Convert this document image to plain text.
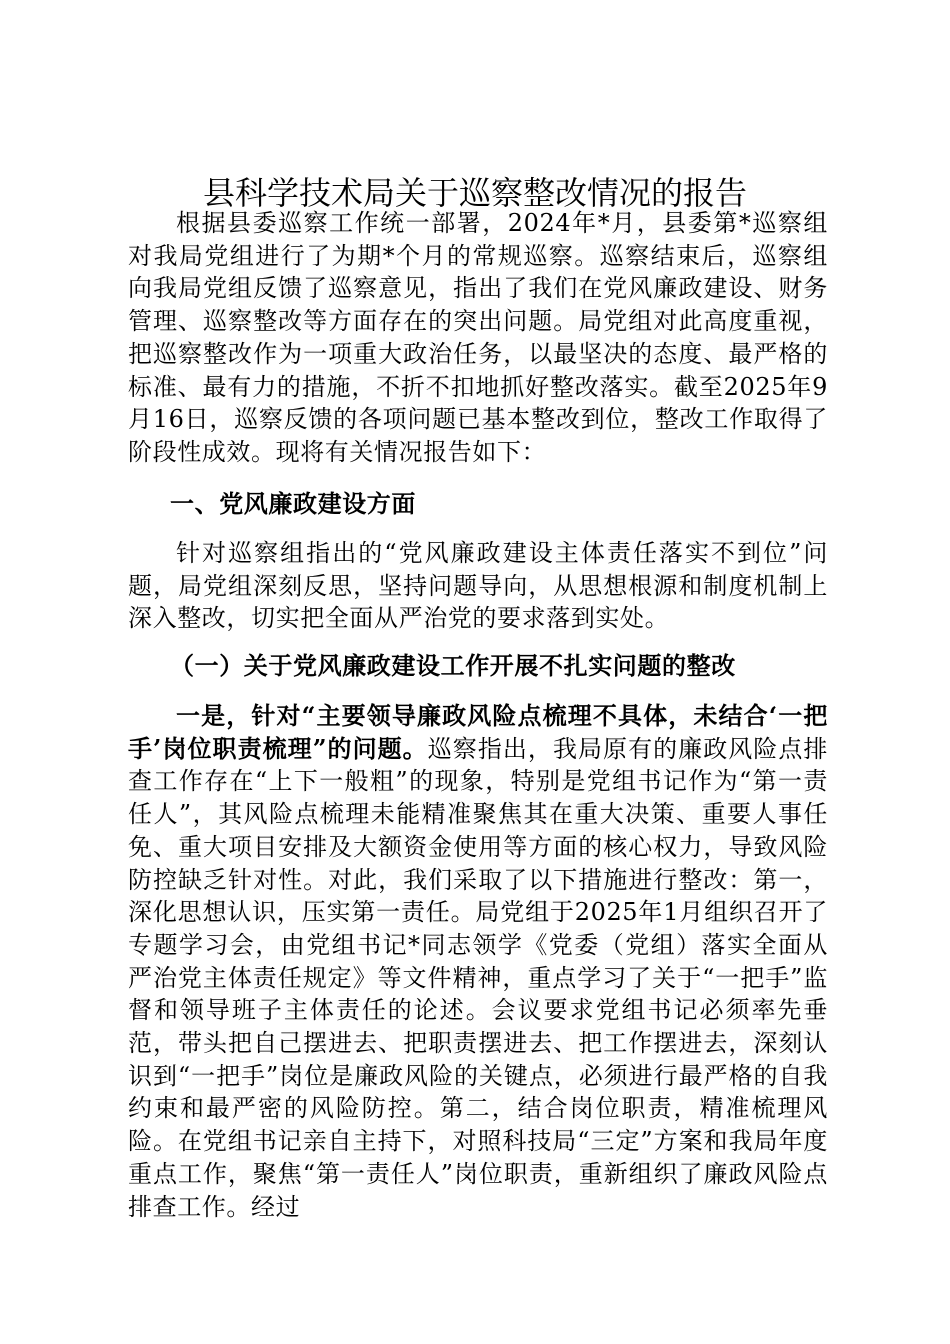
县科学技术局关于巡察整改情况的报告

根据县委巡察工作统一部署，2024年*月，县委第*巡察组对我局党组进行了为期*个月的常规巡察。巡察结束后，巡察组向我局党组反馈了巡察意见，指出了我们在党风廉政建设、财务管理、巡察整改等方面存在的突出问题。局党组对此高度重视，把巡察整改作为一项重大政治任务，以最坚决的态度、最严格的标准、最有力的措施，不折不扣地抓好整改落实。截至2025年9月16日，巡察反馈的各项问题已基本整改到位，整改工作取得了阶段性成效。现将有关情况报告如下：

一、党风廉政建设方面

针对巡察组指出的“党风廉政建设主体责任落实不到位”问题，局党组深刻反思，坚持问题导向，从思想根源和制度机制上深入整改，切实把全面从严治党的要求落到实处。

（一）关于党风廉政建设工作开展不扎实问题的整改

一是，针对“主要领导廉政风险点梳理不具体，未结合‘一把手’岗位职责梳理”的问题。巡察指出，我局原有的廉政风险点排查工作存在“上下一般粗”的现象，特别是党组书记作为“第一责任人”，其风险点梳理未能精准聚焦其在重大决策、重要人事任免、重大项目安排及大额资金使用等方面的核心权力，导致风险防控缺乏针对性。对此，我们采取了以下措施进行整改：第一，深化思想认识，压实第一责任。局党组于2025年1月组织召开了专题学习会，由党组书记*同志领学《党委（党组）落实全面从严治党主体责任规定》等文件精神，重点学习了关于“一把手”监督和领导班子主体责任的论述。会议要求党组书记必须率先垂范，带头把自己摆进去、把职责摆进去、把工作摆进去，深刻认识到“一把手”岗位是廉政风险的关键点，必须进行最严格的自我约束和最严密的风险防控。第二，结合岗位职责，精准梳理风险。在党组书记亲自主持下，对照科技局“三定”方案和我局年度重点工作，聚焦“第一责任人”岗位职责，重新组织了廉政风险点排查工作。经过
